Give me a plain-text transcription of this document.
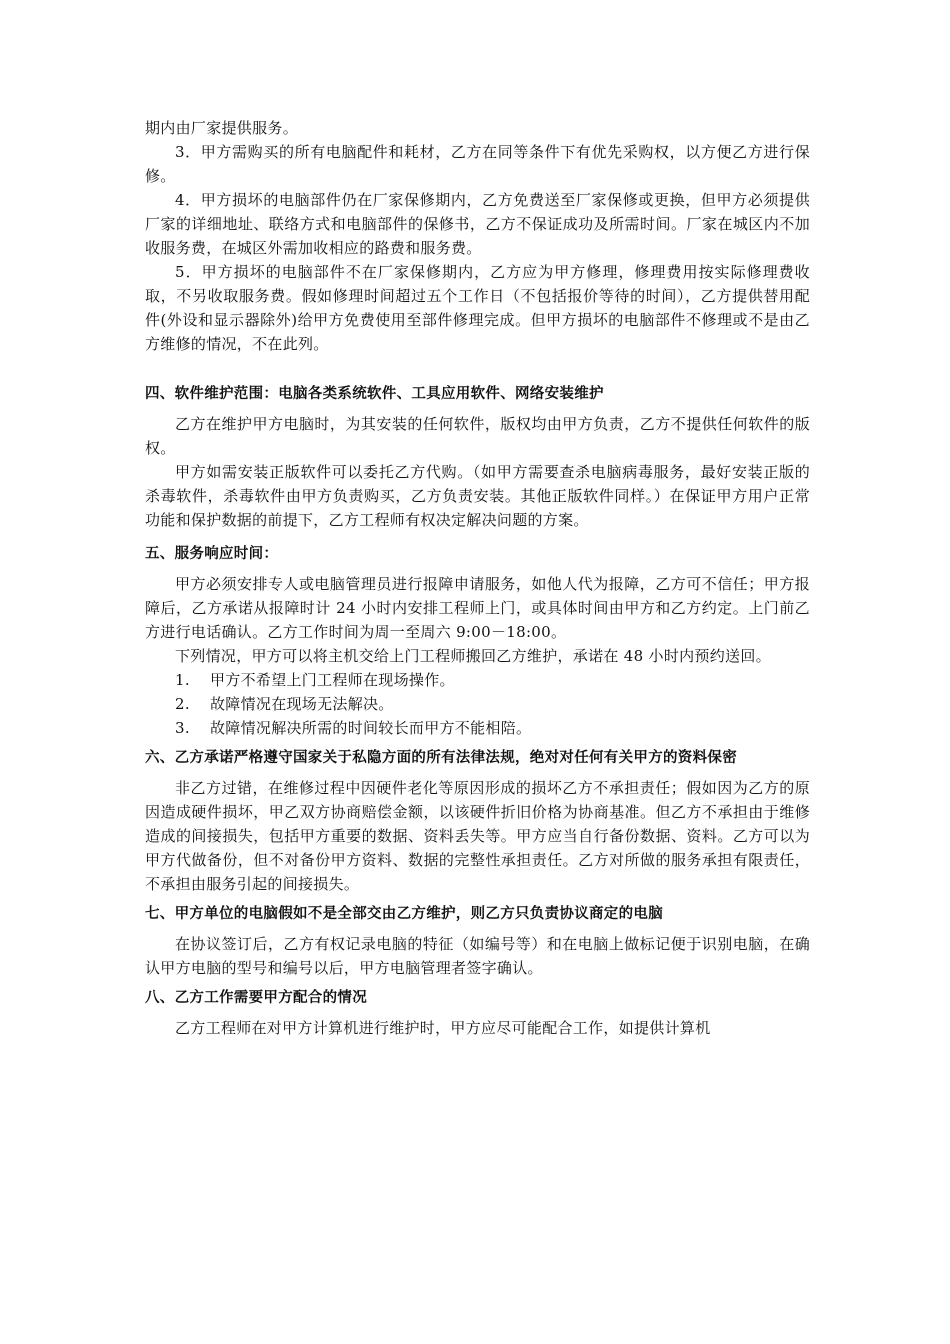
期内由厂家提供服务。

3．甲方需购买的所有电脑配件和耗材，乙方在同等条件下有优先采购权，以方便乙方进行保修。

4．甲方损坏的电脑部件仍在厂家保修期内，乙方免费送至厂家保修或更换，但甲方必须提供厂家的详细地址、联络方式和电脑部件的保修书，乙方不保证成功及所需时间。厂家在城区内不加收服务费，在城区外需加收相应的路费和服务费。

5．甲方损坏的电脑部件不在厂家保修期内，乙方应为甲方修理，修理费用按实际修理费收取，不另收取服务费。假如修理时间超过五个工作日（不包括报价等待的时间），乙方提供替用配件(外设和显示器除外)给甲方免费使用至部件修理完成。但甲方损坏的电脑部件不修理或不是由乙方维修的情况，不在此列。

四、软件维护范围：电脑各类系统软件、工具应用软件、网络安装维护

乙方在维护甲方电脑时，为其安装的任何软件，版权均由甲方负责，乙方不提供任何软件的版权。

甲方如需安装正版软件可以委托乙方代购。（如甲方需要查杀电脑病毒服务，最好安装正版的杀毒软件，杀毒软件由甲方负责购买，乙方负责安装。其他正版软件同样。）在保证甲方用户正常功能和保护数据的前提下，乙方工程师有权决定解决问题的方案。

五、服务响应时间：

甲方必须安排专人或电脑管理员进行报障申请服务，如他人代为报障，乙方可不信任；甲方报障后，乙方承诺从报障时计 24 小时内安排工程师上门，或具体时间由甲方和乙方约定。上门前乙方进行电话确认。乙方工作时间为周一至周六 9:00－18:00。

下列情况，甲方可以将主机交给上门工程师搬回乙方维护，承诺在 48 小时内预约送回。

1. 甲方不希望上门工程师在现场操作。

2. 故障情况在现场无法解决。

3. 故障情况解决所需的时间较长而甲方不能相陪。

六、乙方承诺严格遵守国家关于私隐方面的所有法律法规，绝对对任何有关甲方的资料保密

非乙方过错，在维修过程中因硬件老化等原因形成的损坏乙方不承担责任；假如因为乙方的原因造成硬件损坏，甲乙双方协商赔偿金额，以该硬件折旧价格为协商基准。但乙方不承担由于维修造成的间接损失，包括甲方重要的数据、资料丢失等。甲方应当自行备份数据、资料。乙方可以为甲方代做备份，但不对备份甲方资料、数据的完整性承担责任。乙方对所做的服务承担有限责任，不承担由服务引起的间接损失。

七、甲方单位的电脑假如不是全部交由乙方维护，则乙方只负责协议商定的电脑

在协议签订后，乙方有权记录电脑的特征（如编号等）和在电脑上做标记便于识别电脑，在确认甲方电脑的型号和编号以后，甲方电脑管理者签字确认。

八、乙方工作需要甲方配合的情况

乙方工程师在对甲方计算机进行维护时，甲方应尽可能配合工作，如提供计算机
